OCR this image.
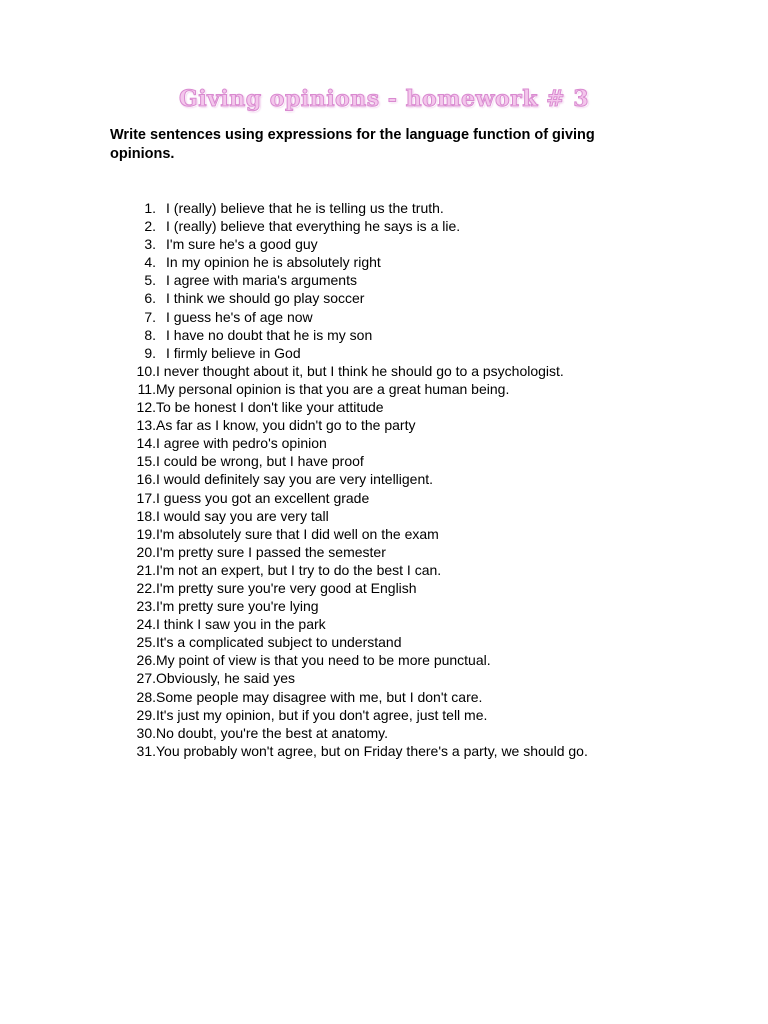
Giving opinions - homework # 3

Write sentences using expressions for the language function of giving opinions.

1. I (really) believe that he is telling us the truth.
2. I (really) believe that everything he says is a lie.
3. I'm sure he's a good guy
4. In my opinion he is absolutely right
5. I agree with maria's arguments
6. I think we should go play soccer
7. I guess he's of age now
8. I have no doubt that he is my son
9. I firmly believe in God
10. I never thought about it, but I think he should go to a psychologist.
11. My personal opinion is that you are a great human being.
12. To be honest I don't like your attitude
13. As far as I know, you didn't go to the party
14. I agree with pedro's opinion
15. I could be wrong, but I have proof
16. I would definitely say you are very intelligent.
17. I guess you got an excellent grade
18. I would say you are very tall
19. I'm absolutely sure that I did well on the exam
20. I'm pretty sure I passed the semester
21. I'm not an expert, but I try to do the best I can.
22. I'm pretty sure you're very good at English
23. I'm pretty sure you're lying
24. I think I saw you in the park
25. It's a complicated subject to understand
26. My point of view is that you need to be more punctual.
27. Obviously, he said yes
28. Some people may disagree with me, but I don't care.
29. It's just my opinion, but if you don't agree, just tell me.
30. No doubt, you're the best at anatomy.
31. You probably won't agree, but on Friday there's a party, we should go.
